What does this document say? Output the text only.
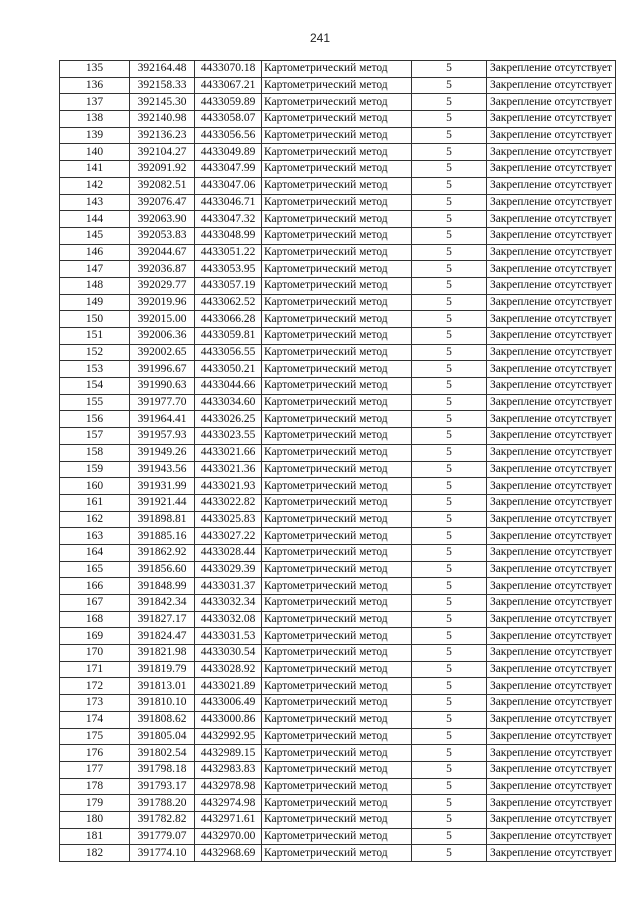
241
135	392164.48	4433070.18	Картометрический метод	5	Закрепление отсутствует
136	392158.33	4433067.21	Картометрический метод	5	Закрепление отсутствует
137	392145.30	4433059.89	Картометрический метод	5	Закрепление отсутствует
138	392140.98	4433058.07	Картометрический метод	5	Закрепление отсутствует
139	392136.23	4433056.56	Картометрический метод	5	Закрепление отсутствует
140	392104.27	4433049.89	Картометрический метод	5	Закрепление отсутствует
141	392091.92	4433047.99	Картометрический метод	5	Закрепление отсутствует
142	392082.51	4433047.06	Картометрический метод	5	Закрепление отсутствует
143	392076.47	4433046.71	Картометрический метод	5	Закрепление отсутствует
144	392063.90	4433047.32	Картометрический метод	5	Закрепление отсутствует
145	392053.83	4433048.99	Картометрический метод	5	Закрепление отсутствует
146	392044.67	4433051.22	Картометрический метод	5	Закрепление отсутствует
147	392036.87	4433053.95	Картометрический метод	5	Закрепление отсутствует
148	392029.77	4433057.19	Картометрический метод	5	Закрепление отсутствует
149	392019.96	4433062.52	Картометрический метод	5	Закрепление отсутствует
150	392015.00	4433066.28	Картометрический метод	5	Закрепление отсутствует
151	392006.36	4433059.81	Картометрический метод	5	Закрепление отсутствует
152	392002.65	4433056.55	Картометрический метод	5	Закрепление отсутствует
153	391996.67	4433050.21	Картометрический метод	5	Закрепление отсутствует
154	391990.63	4433044.66	Картометрический метод	5	Закрепление отсутствует
155	391977.70	4433034.60	Картометрический метод	5	Закрепление отсутствует
156	391964.41	4433026.25	Картометрический метод	5	Закрепление отсутствует
157	391957.93	4433023.55	Картометрический метод	5	Закрепление отсутствует
158	391949.26	4433021.66	Картометрический метод	5	Закрепление отсутствует
159	391943.56	4433021.36	Картометрический метод	5	Закрепление отсутствует
160	391931.99	4433021.93	Картометрический метод	5	Закрепление отсутствует
161	391921.44	4433022.82	Картометрический метод	5	Закрепление отсутствует
162	391898.81	4433025.83	Картометрический метод	5	Закрепление отсутствует
163	391885.16	4433027.22	Картометрический метод	5	Закрепление отсутствует
164	391862.92	4433028.44	Картометрический метод	5	Закрепление отсутствует
165	391856.60	4433029.39	Картометрический метод	5	Закрепление отсутствует
166	391848.99	4433031.37	Картометрический метод	5	Закрепление отсутствует
167	391842.34	4433032.34	Картометрический метод	5	Закрепление отсутствует
168	391827.17	4433032.08	Картометрический метод	5	Закрепление отсутствует
169	391824.47	4433031.53	Картометрический метод	5	Закрепление отсутствует
170	391821.98	4433030.54	Картометрический метод	5	Закрепление отсутствует
171	391819.79	4433028.92	Картометрический метод	5	Закрепление отсутствует
172	391813.01	4433021.89	Картометрический метод	5	Закрепление отсутствует
173	391810.10	4433006.49	Картометрический метод	5	Закрепление отсутствует
174	391808.62	4433000.86	Картометрический метод	5	Закрепление отсутствует
175	391805.04	4432992.95	Картометрический метод	5	Закрепление отсутствует
176	391802.54	4432989.15	Картометрический метод	5	Закрепление отсутствует
177	391798.18	4432983.83	Картометрический метод	5	Закрепление отсутствует
178	391793.17	4432978.98	Картометрический метод	5	Закрепление отсутствует
179	391788.20	4432974.98	Картометрический метод	5	Закрепление отсутствует
180	391782.82	4432971.61	Картометрический метод	5	Закрепление отсутствует
181	391779.07	4432970.00	Картометрический метод	5	Закрепление отсутствует
182	391774.10	4432968.69	Картометрический метод	5	Закрепление отсутствует
